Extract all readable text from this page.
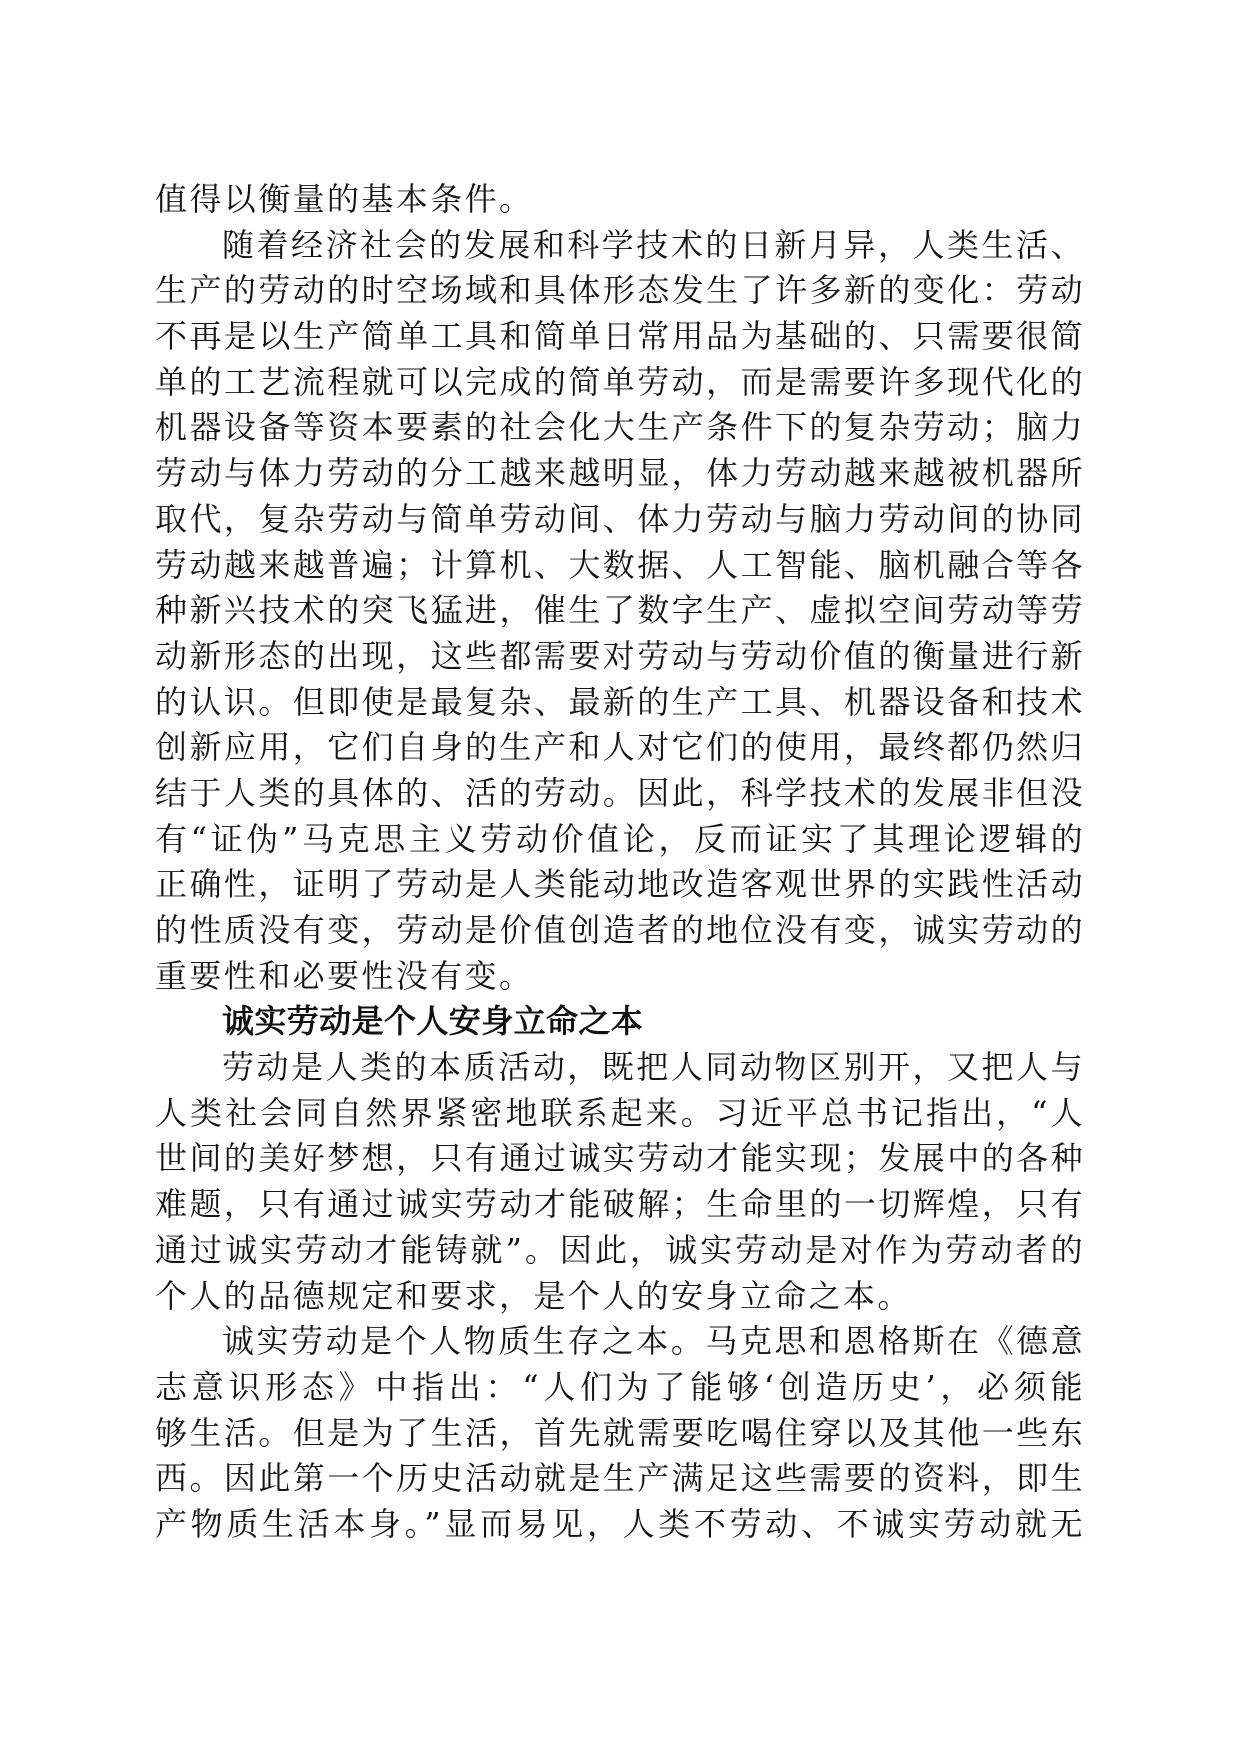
值得以衡量的基本条件。
随着经济社会的发展和科学技术的日新月异，人类生活、
生产的劳动的时空场域和具体形态发生了许多新的变化：劳动
不再是以生产简单工具和简单日常用品为基础的、只需要很简
单的工艺流程就可以完成的简单劳动，而是需要许多现代化的
机器设备等资本要素的社会化大生产条件下的复杂劳动；脑力
劳动与体力劳动的分工越来越明显，体力劳动越来越被机器所
取代，复杂劳动与简单劳动间、体力劳动与脑力劳动间的协同
劳动越来越普遍；计算机、大数据、人工智能、脑机融合等各
种新兴技术的突飞猛进，催生了数字生产、虚拟空间劳动等劳
动新形态的出现，这些都需要对劳动与劳动价值的衡量进行新
的认识。但即使是最复杂、最新的生产工具、机器设备和技术
创新应用，它们自身的生产和人对它们的使用，最终都仍然归
结于人类的具体的、活的劳动。因此，科学技术的发展非但没
有“证伪”马克思主义劳动价值论，反而证实了其理论逻辑的
正确性，证明了劳动是人类能动地改造客观世界的实践性活动
的性质没有变，劳动是价值创造者的地位没有变，诚实劳动的
重要性和必要性没有变。
诚实劳动是个人安身立命之本
劳动是人类的本质活动，既把人同动物区别开，又把人与
人类社会同自然界紧密地联系起来。习近平总书记指出，“人
世间的美好梦想，只有通过诚实劳动才能实现；发展中的各种
难题，只有通过诚实劳动才能破解；生命里的一切辉煌，只有
通过诚实劳动才能铸就”。因此，诚实劳动是对作为劳动者的
个人的品德规定和要求，是个人的安身立命之本。
诚实劳动是个人物质生存之本。马克思和恩格斯在《德意
志意识形态》中指出：“人们为了能够‘创造历史’，必须能
够生活。但是为了生活，首先就需要吃喝住穿以及其他一些东
西。因此第一个历史活动就是生产满足这些需要的资料，即生
产物质生活本身。”显而易见，人类不劳动、不诚实劳动就无
